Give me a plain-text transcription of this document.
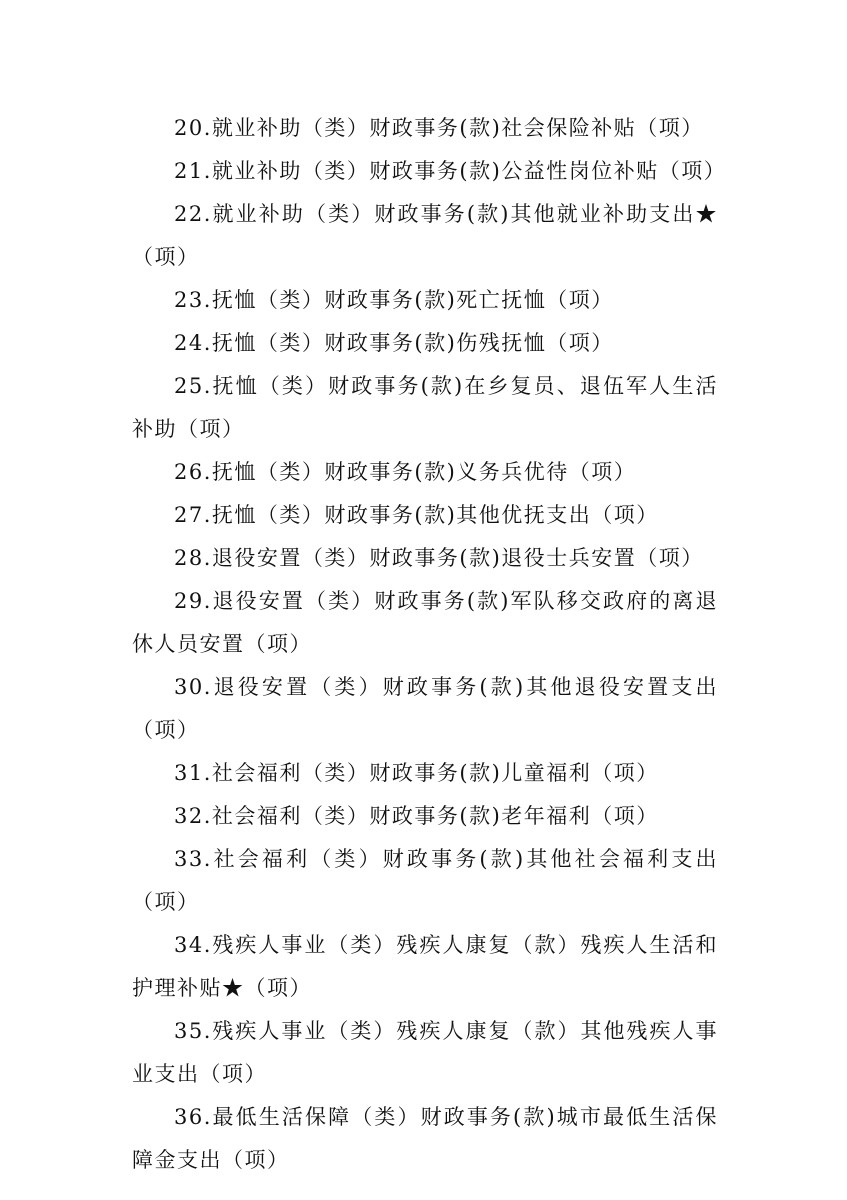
20.就业补助（类）财政事务(款)社会保险补贴（项）

21.就业补助（类）财政事务(款)公益性岗位补贴（项）

22.就业补助（类）财政事务(款)其他就业补助支出★（项）

23.抚恤（类）财政事务(款)死亡抚恤（项）

24.抚恤（类）财政事务(款)伤残抚恤（项）

25.抚恤（类）财政事务(款)在乡复员、退伍军人生活补助（项）

26.抚恤（类）财政事务(款)义务兵优待（项）

27.抚恤（类）财政事务(款)其他优抚支出（项）

28.退役安置（类）财政事务(款)退役士兵安置（项）

29.退役安置（类）财政事务(款)军队移交政府的离退休人员安置（项）

30.退役安置（类）财政事务(款)其他退役安置支出（项）

31.社会福利（类）财政事务(款)儿童福利（项）

32.社会福利（类）财政事务(款)老年福利（项）

33.社会福利（类）财政事务(款)其他社会福利支出（项）

34.残疾人事业（类）残疾人康复（款）残疾人生活和护理补贴★（项）

35.残疾人事业（类）残疾人康复（款）其他残疾人事业支出（项）

36.最低生活保障（类）财政事务(款)城市最低生活保障金支出（项）
